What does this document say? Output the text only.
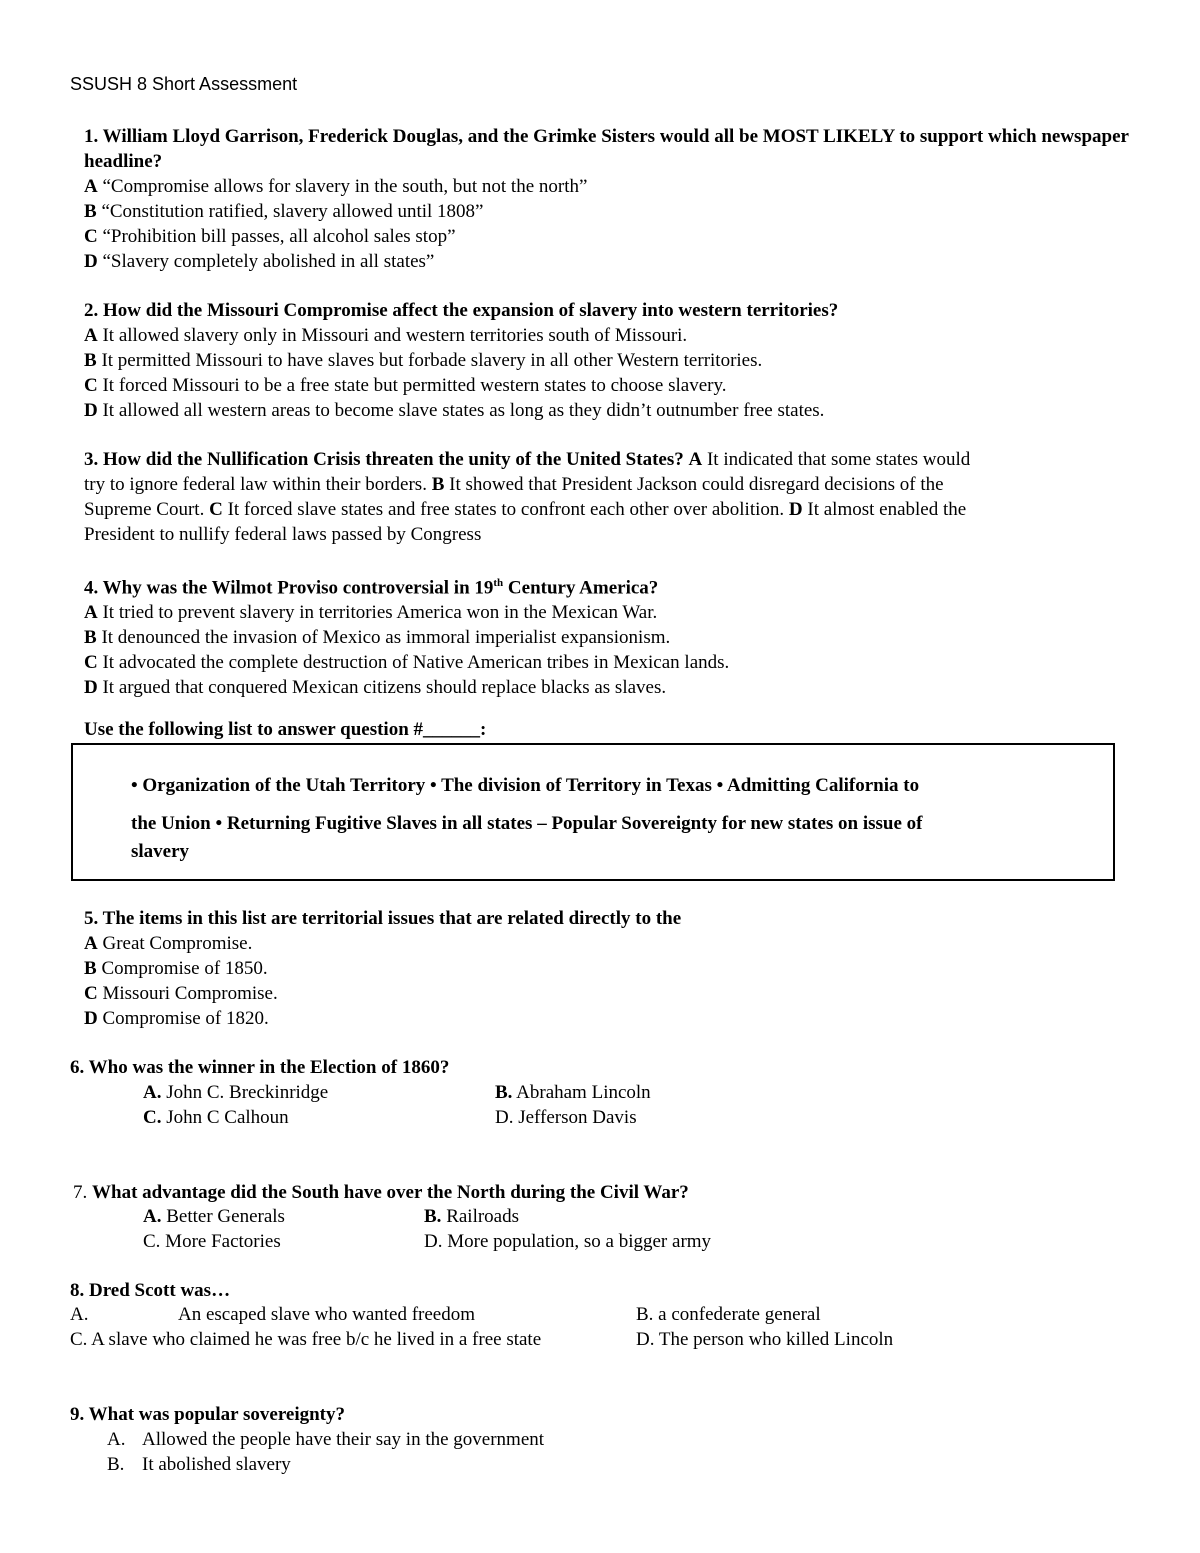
SSUSH 8 Short Assessment
1. William Lloyd Garrison, Frederick Douglas, and the Grimke Sisters would all be MOST LIKELY to support which newspaper headline?
A “Compromise allows for slavery in the south, but not the north”
B “Constitution ratified, slavery allowed until 1808”
C “Prohibition bill passes, all alcohol sales stop”
D “Slavery completely abolished in all states”
2. How did the Missouri Compromise affect the expansion of slavery into western territories?
A It allowed slavery only in Missouri and western territories south of Missouri.
B It permitted Missouri to have slaves but forbade slavery in all other Western territories.
C It forced Missouri to be a free state but permitted western states to choose slavery.
D It allowed all western areas to become slave states as long as they didn’t outnumber free states.
3. How did the Nullification Crisis threaten the unity of the United States? A It indicated that some states would try to ignore federal law within their borders. B It showed that President Jackson could disregard decisions of the Supreme Court. C It forced slave states and free states to confront each other over abolition. D It almost enabled the President to nullify federal laws passed by Congress
4. Why was the Wilmot Proviso controversial in 19th Century America?
A It tried to prevent slavery in territories America won in the Mexican War.
B It denounced the invasion of Mexico as immoral imperialist expansionism.
C It advocated the complete destruction of Native American tribes in Mexican lands.
D It argued that conquered Mexican citizens should replace blacks as slaves.
Use the following list to answer question #______:
• Organization of the Utah Territory • The division of Territory in Texas • Admitting California to
the Union • Returning Fugitive Slaves in all states – Popular Sovereignty for new states on issue of

slavery
5. The items in this list are territorial issues that are related directly to the
A Great Compromise.
B Compromise of 1850.
C Missouri Compromise.
D Compromise of 1820.
6. Who was the winner in the Election of 1860?
A. John C. Breckinridge	B. Abraham Lincoln
C. John C Calhoun	D. Jefferson Davis
7. What advantage did the South have over the North during the Civil War?
A. Better Generals	B. Railroads
C. More Factories	D. More population, so a bigger army
8. Dred Scott was…
A.	An escaped slave who wanted freedom	B. a confederate general
C. A slave who claimed he was free b/c he lived in a free state	D. The person who killed Lincoln
9. What was popular sovereignty?
A. Allowed the people have their say in the government
B. It abolished slavery
